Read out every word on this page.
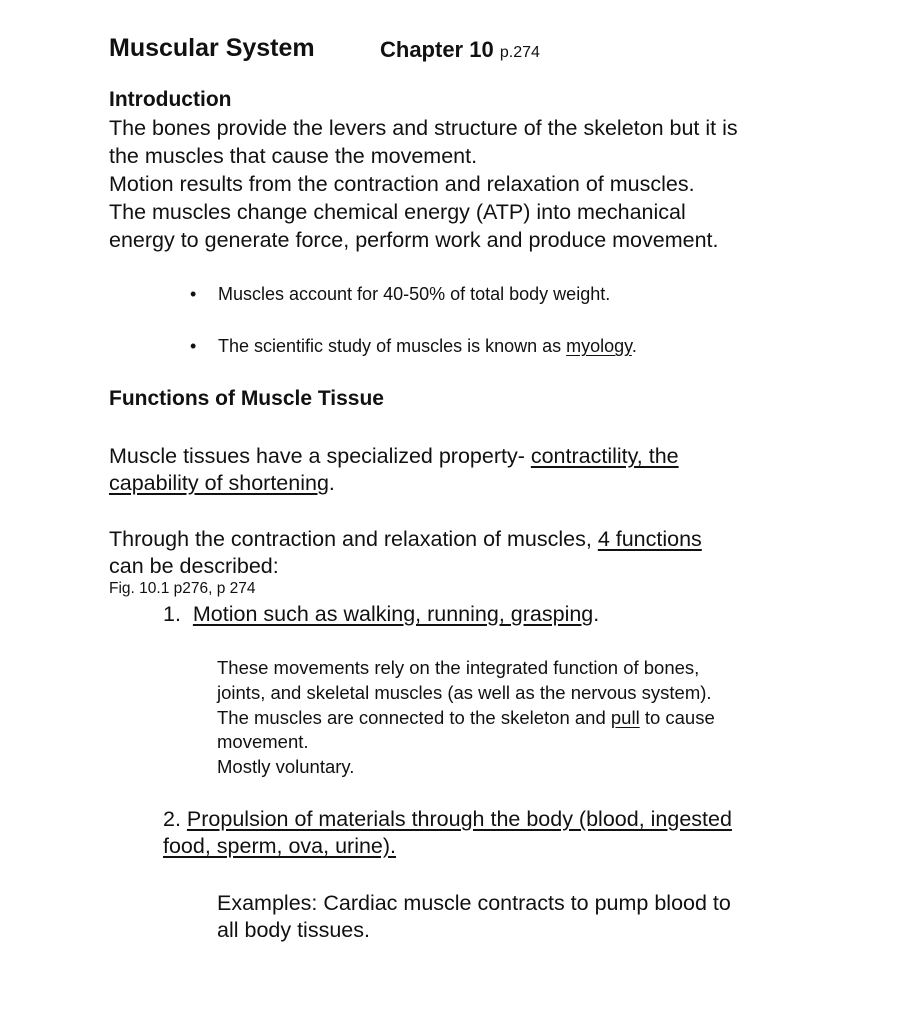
Muscular System	Chapter 10 p.274
Introduction
The bones provide the levers and structure of the skeleton but it is
the muscles that cause the movement.
Motion results from the contraction and relaxation of muscles.
The muscles change chemical energy (ATP) into mechanical
energy to generate force, perform work and produce movement.
• Muscles account for 40-50% of total body weight.
• The scientific study of muscles is known as myology.
Functions of Muscle Tissue
Muscle tissues have a specialized property- contractility, the
capability of shortening.
Through the contraction and relaxation of muscles, 4 functions
can be described:
Fig. 10.1 p276, p 274
1. Motion such as walking, running, grasping.
These movements rely on the integrated function of bones,
joints, and skeletal muscles (as well as the nervous system).
The muscles are connected to the skeleton and pull to cause
movement.
Mostly voluntary.
2. Propulsion of materials through the body (blood, ingested
food, sperm, ova, urine).
Examples: Cardiac muscle contracts to pump blood to
all body tissues.
